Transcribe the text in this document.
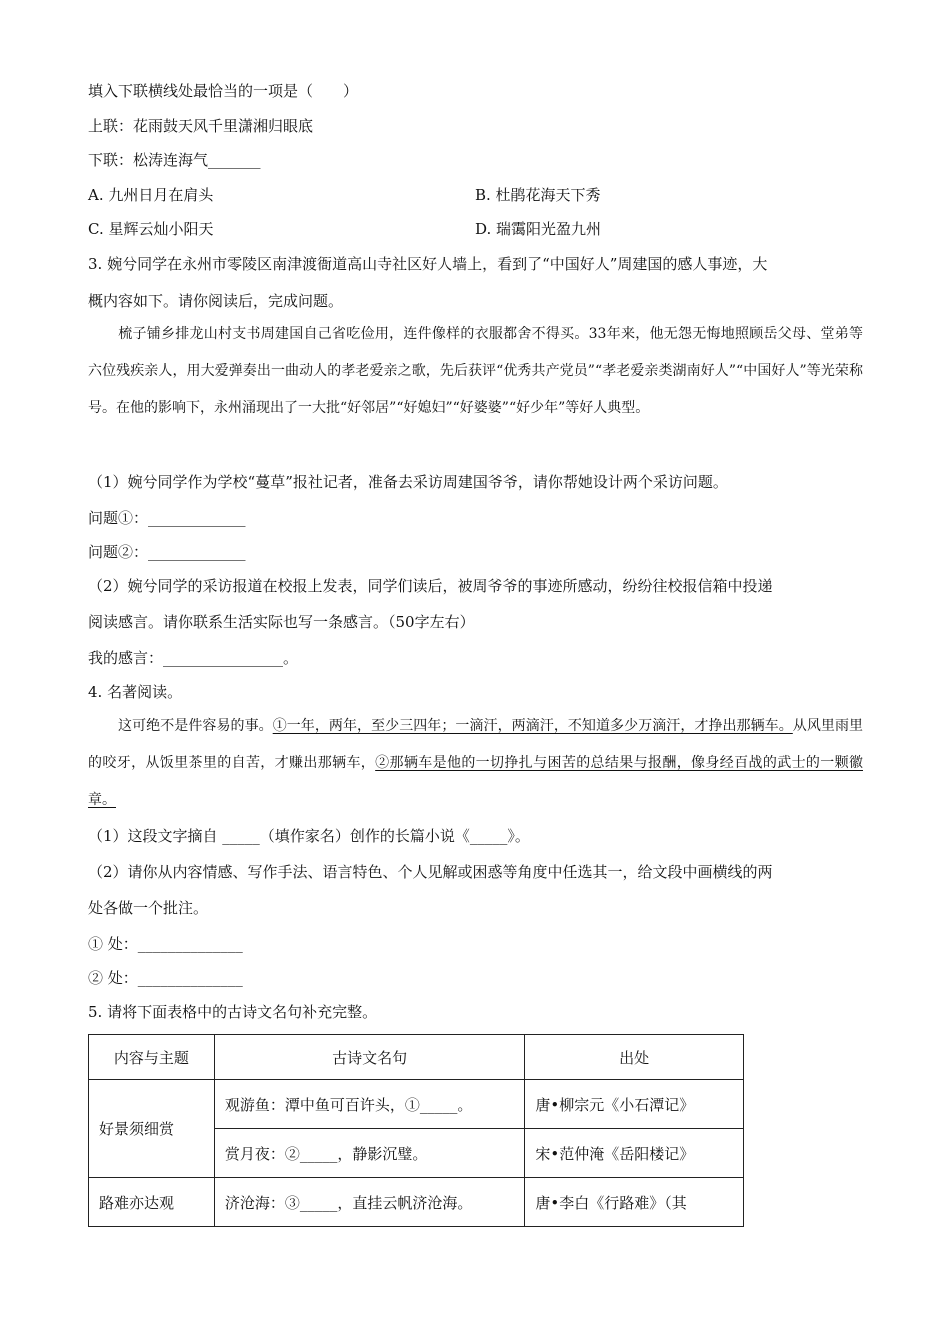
填入下联横线处最恰当的一项是（　　）
上联：花雨鼓天风千里潇湘归眼底
下联：松涛连海气_______
A. 九州日月在肩头	B. 杜鹃花海天下秀
C. 星辉云灿小阳天	D. 瑞霭阳光盈九州
3. 婉兮同学在永州市零陵区南津渡衙道高山寺社区好人墙上，看到了“中国好人”周建国的感人事迹，大
概内容如下。请你阅读后，完成问题。
梳子铺乡排龙山村支书周建国自己省吃俭用，连件像样的衣服都舍不得买。33年来，他无怨无悔地照顾岳父母、堂弟等六位残疾亲人，用大爱弹奏出一曲动人的孝老爱亲之歌，先后获评“优秀共产党员”“孝老爱亲类湖南好人”“中国好人”等光荣称号。在他的影响下，永州涌现出了一大批“好邻居”“好媳妇”“好婆婆”“好少年”等好人典型。
（1）婉兮同学作为学校“蔓草”报社记者，准备去采访周建国爷爷，请你帮她设计两个采访问题。
问题①：_____________
问题②：_____________
（2）婉兮同学的采访报道在校报上发表，同学们读后，被周爷爷的事迹所感动，纷纷往校报信箱中投递
阅读感言。请你联系生活实际也写一条感言。（50字左右）
我的感言：________________。
4. 名著阅读。
这可绝不是件容易的事。①一年，两年，至少三四年；一滴汗，两滴汗，不知道多少万滴汗，才挣出那辆车。从风里雨里的咬牙，从饭里茶里的自苦，才赚出那辆车，②那辆车是他的一切挣扎与困苦的总结果与报酬，像身经百战的武士的一颗徽章。
（1）这段文字摘自 _____（填作家名）创作的长篇小说《_____》。
（2）请你从内容情感、写作手法、语言特色、个人见解或困惑等角度中任选其一，给文段中画横线的两
处各做一个批注。
① 处：______________
② 处：______________
5. 请将下面表格中的古诗文名句补充完整。
内容与主题	古诗文名句	出处
好景须细赏	观游鱼：潭中鱼可百许头，①_____。	唐•柳宗元《小石潭记》
	赏月夜：②_____，静影沉璧。	宋•范仲淹《岳阳楼记》
路难亦达观	济沧海：③_____，直挂云帆济沧海。	唐•李白《行路难》（其
